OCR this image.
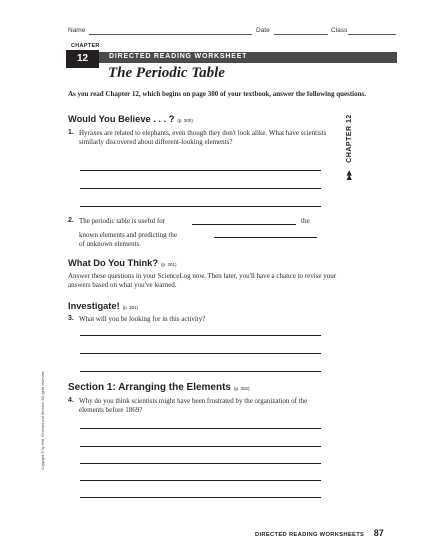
Name	Date	Class
CHAPTER
12	DIRECTED READING WORKSHEET
The Periodic Table
As you read Chapter 12, which begins on page 300 of your textbook, answer the following questions.
Would You Believe . . . ? (p. 300)
1. Hyraxes are related to elephants, even though they don't look alike. What have scientists similarly discovered about different-looking elements?
2. The periodic table is useful for	the
known elements and predicting the
of unknown elements.
What Do You Think? (p. 301)
Answer these questions in your ScienceLog now. Then later, you'll have a chance to revise your answers based on what you've learned.
Investigate! (p. 301)
3. What will you be looking for in this activity?
Section 1: Arranging the Elements (p. 302)
4. Why do you think scientists might have been frustrated by the organization of the elements before 1869?
▶▶ CHAPTER 12
Copyright © by Holt, Rinehart and Winston. All rights reserved.
DIRECTED READING WORKSHEETS 87
